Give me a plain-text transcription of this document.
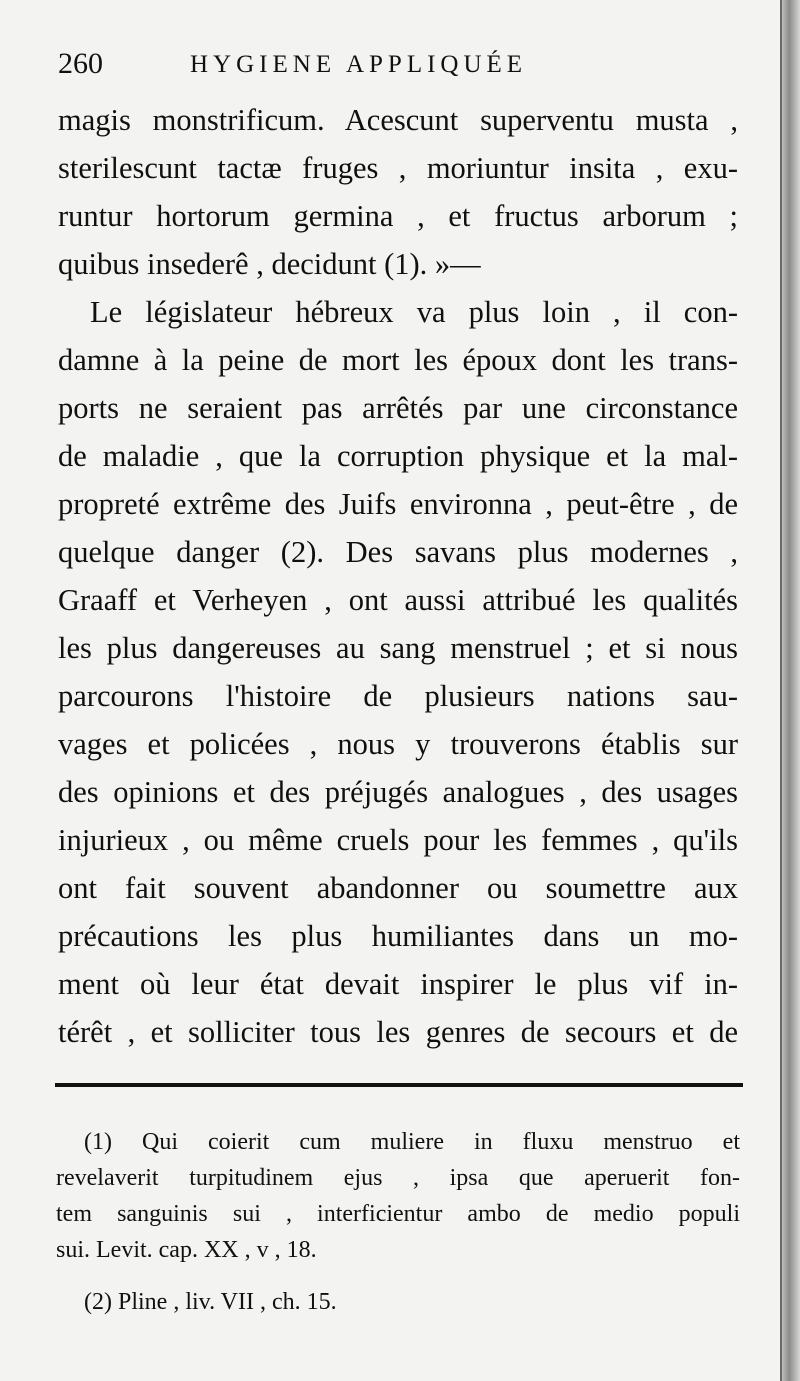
260	HYGIENE APPLIQUÉE
magis monstrificum. Acescunt superventu musta ,
sterilescunt tactæ fruges , moriuntur insita , exu-
runtur hortorum germina , et fructus arborum ;
quibus insederê , decidunt (1). »—
Le législateur hébreux va plus loin , il con-
damne à la peine de mort les époux dont les trans-
ports ne seraient pas arrêtés par une circonstance
de maladie , que la corruption physique et la mal-
propreté extrême des Juifs environna , peut-être , de
quelque danger (2). Des savans plus modernes ,
Graaff et Verheyen , ont aussi attribué les qualités
les plus dangereuses au sang menstruel ; et si nous
parcourons l'histoire de plusieurs nations sau-
vages et policées , nous y trouverons établis sur
des opinions et des préjugés analogues , des usages
injurieux , ou même cruels pour les femmes , qu'ils
ont fait souvent abandonner ou soumettre aux
précautions les plus humiliantes dans un mo-
ment où leur état devait inspirer le plus vif in-
térêt , et solliciter tous les genres de secours et de
(1) Qui coierit cum muliere in fluxu menstruo et
revelaverit turpitudinem ejus , ipsa que aperuerit fon-
tem sanguinis sui , interficientur ambo de medio populi
sui. Levit. cap. XX , v , 18.
(2) Pline , liv. VII , ch. 15.
